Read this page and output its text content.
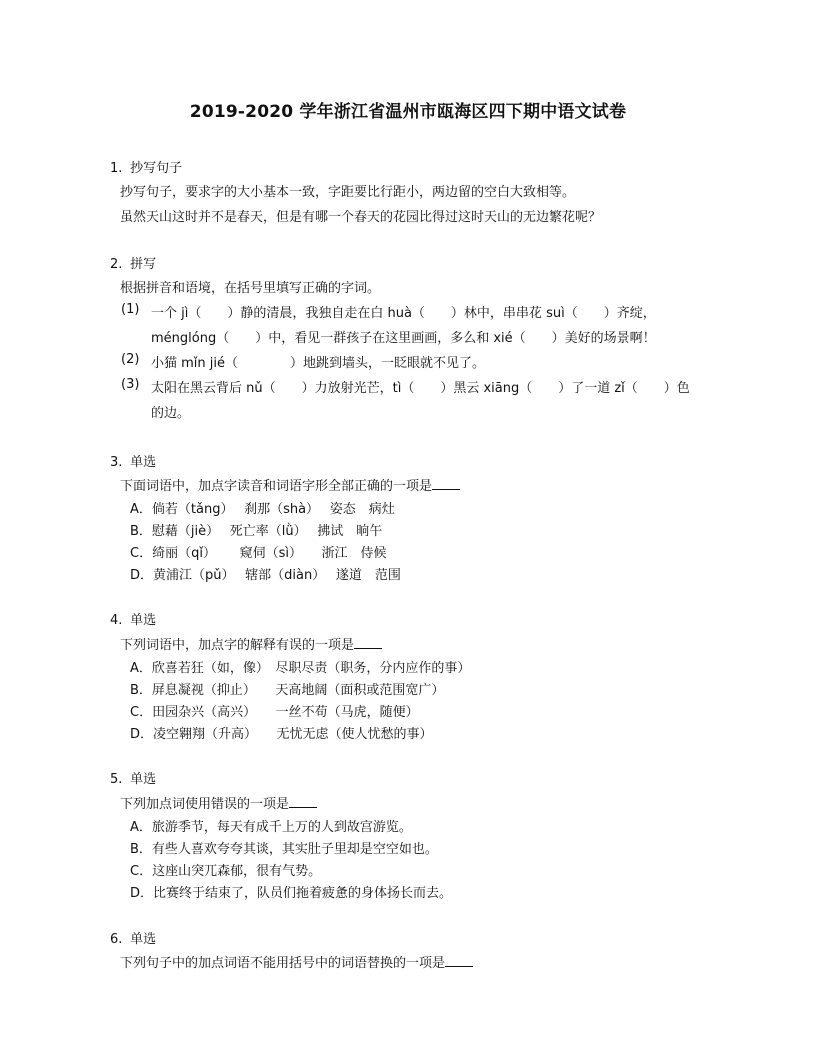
2019-2020 学年浙江省温州市瓯海区四下期中语文试卷
1. 抄写句子
抄写句子，要求字的大小基本一致，字距要比行距小，两边留的空白大致相等。
虽然天山这时并不是春天，但是有哪一个春天的花园比得过这时天山的无边繁花呢？
2. 拼写
根据拼音和语境，在括号里填写正确的字词。
(1) 一个 jì（　　）静的清晨，我独自走在白 huà（　　）林中，串串花 suì（　　）齐绽，
ménglóng（　　）中，看见一群孩子在这里画画，多么和 xié（　　）美好的场景啊！
(2) 小猫 mǐn jié（　　　　）地跳到墙头，一眨眼就不见了。
(3) 太阳在黑云背后 nǔ（　　）力放射光芒，tì（　　）黑云 xiāng（　　）了一道 zǐ（　　）色
的边。
3. 单选
下面词语中，加点字读音和词语字形全部正确的一项是
A．倘若（tǎng）　 刹那（shà）　 姿态　病灶
B．慰藉（jiè）　 死亡率（lǜ）　 拂试　晌午
C．绮丽（qǐ）　　 窥伺（sì）　　浙江　侍候
D．黄浦江（pǔ）　 辖部（diàn）　 遂道　范围
4. 单选
下列词语中，加点字的解释有误的一项是
A．欣喜若狂（如，像）　尽职尽责（职务，分内应作的事）
B．屏息凝视（抑止）　　天高地阔（面积或范围宽广）
C．田园杂兴（高兴）　　一丝不苟（马虎，随便）
D．凌空翱翔（升高）　　无忧无虑（使人忧愁的事）
5. 单选
下列加点词使用错误的一项是
A．旅游季节，每天有成千上万的人到故宫游览。
B．有些人喜欢夸夸其谈，其实肚子里却是空空如也。
C．这座山突兀森郁，很有气势。
D．比赛终于结束了，队员们拖着疲惫的身体扬长而去。
6. 单选
下列句子中的加点词语不能用括号中的词语替换的一项是
